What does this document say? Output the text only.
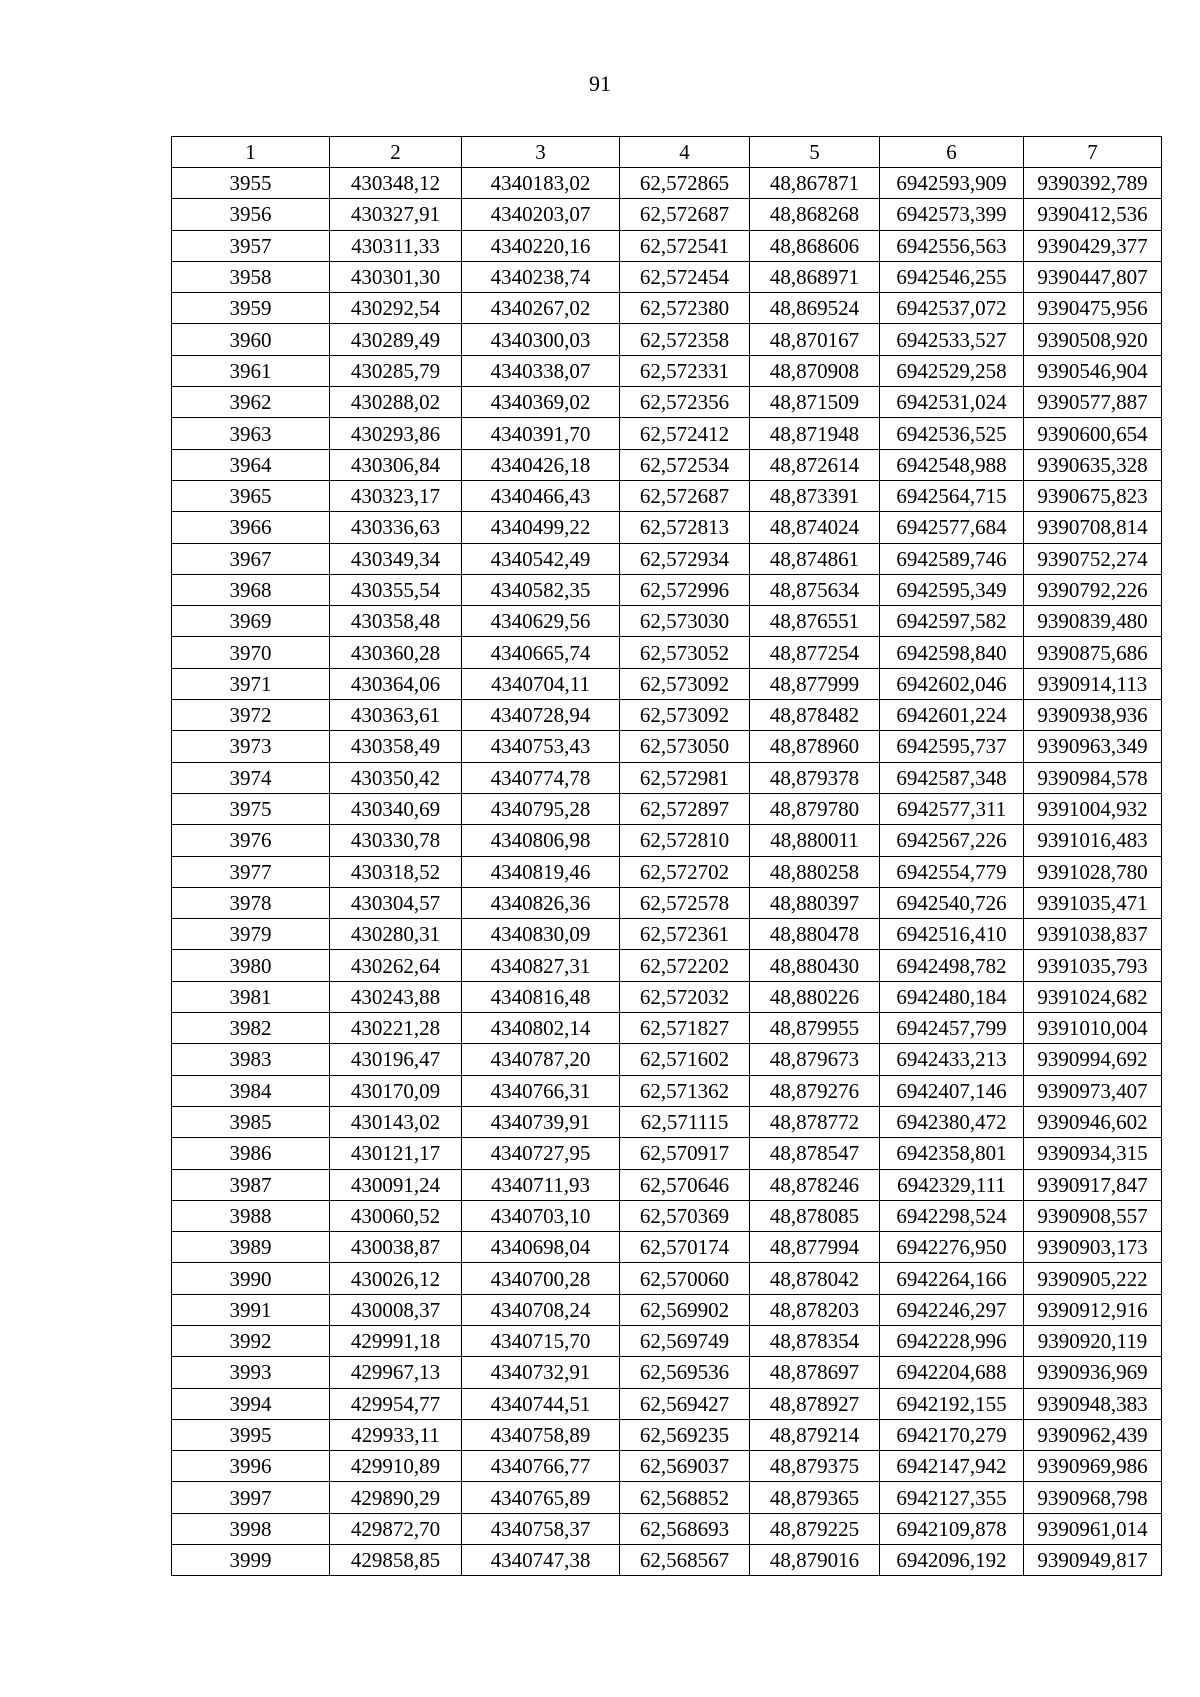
91
1	2	3	4	5	6	7
3955	430348,12	4340183,02	62,572865	48,867871	6942593,909	9390392,789
3956	430327,91	4340203,07	62,572687	48,868268	6942573,399	9390412,536
3957	430311,33	4340220,16	62,572541	48,868606	6942556,563	9390429,377
3958	430301,30	4340238,74	62,572454	48,868971	6942546,255	9390447,807
3959	430292,54	4340267,02	62,572380	48,869524	6942537,072	9390475,956
3960	430289,49	4340300,03	62,572358	48,870167	6942533,527	9390508,920
3961	430285,79	4340338,07	62,572331	48,870908	6942529,258	9390546,904
3962	430288,02	4340369,02	62,572356	48,871509	6942531,024	9390577,887
3963	430293,86	4340391,70	62,572412	48,871948	6942536,525	9390600,654
3964	430306,84	4340426,18	62,572534	48,872614	6942548,988	9390635,328
3965	430323,17	4340466,43	62,572687	48,873391	6942564,715	9390675,823
3966	430336,63	4340499,22	62,572813	48,874024	6942577,684	9390708,814
3967	430349,34	4340542,49	62,572934	48,874861	6942589,746	9390752,274
3968	430355,54	4340582,35	62,572996	48,875634	6942595,349	9390792,226
3969	430358,48	4340629,56	62,573030	48,876551	6942597,582	9390839,480
3970	430360,28	4340665,74	62,573052	48,877254	6942598,840	9390875,686
3971	430364,06	4340704,11	62,573092	48,877999	6942602,046	9390914,113
3972	430363,61	4340728,94	62,573092	48,878482	6942601,224	9390938,936
3973	430358,49	4340753,43	62,573050	48,878960	6942595,737	9390963,349
3974	430350,42	4340774,78	62,572981	48,879378	6942587,348	9390984,578
3975	430340,69	4340795,28	62,572897	48,879780	6942577,311	9391004,932
3976	430330,78	4340806,98	62,572810	48,880011	6942567,226	9391016,483
3977	430318,52	4340819,46	62,572702	48,880258	6942554,779	9391028,780
3978	430304,57	4340826,36	62,572578	48,880397	6942540,726	9391035,471
3979	430280,31	4340830,09	62,572361	48,880478	6942516,410	9391038,837
3980	430262,64	4340827,31	62,572202	48,880430	6942498,782	9391035,793
3981	430243,88	4340816,48	62,572032	48,880226	6942480,184	9391024,682
3982	430221,28	4340802,14	62,571827	48,879955	6942457,799	9391010,004
3983	430196,47	4340787,20	62,571602	48,879673	6942433,213	9390994,692
3984	430170,09	4340766,31	62,571362	48,879276	6942407,146	9390973,407
3985	430143,02	4340739,91	62,571115	48,878772	6942380,472	9390946,602
3986	430121,17	4340727,95	62,570917	48,878547	6942358,801	9390934,315
3987	430091,24	4340711,93	62,570646	48,878246	6942329,111	9390917,847
3988	430060,52	4340703,10	62,570369	48,878085	6942298,524	9390908,557
3989	430038,87	4340698,04	62,570174	48,877994	6942276,950	9390903,173
3990	430026,12	4340700,28	62,570060	48,878042	6942264,166	9390905,222
3991	430008,37	4340708,24	62,569902	48,878203	6942246,297	9390912,916
3992	429991,18	4340715,70	62,569749	48,878354	6942228,996	9390920,119
3993	429967,13	4340732,91	62,569536	48,878697	6942204,688	9390936,969
3994	429954,77	4340744,51	62,569427	48,878927	6942192,155	9390948,383
3995	429933,11	4340758,89	62,569235	48,879214	6942170,279	9390962,439
3996	429910,89	4340766,77	62,569037	48,879375	6942147,942	9390969,986
3997	429890,29	4340765,89	62,568852	48,879365	6942127,355	9390968,798
3998	429872,70	4340758,37	62,568693	48,879225	6942109,878	9390961,014
3999	429858,85	4340747,38	62,568567	48,879016	6942096,192	9390949,817
